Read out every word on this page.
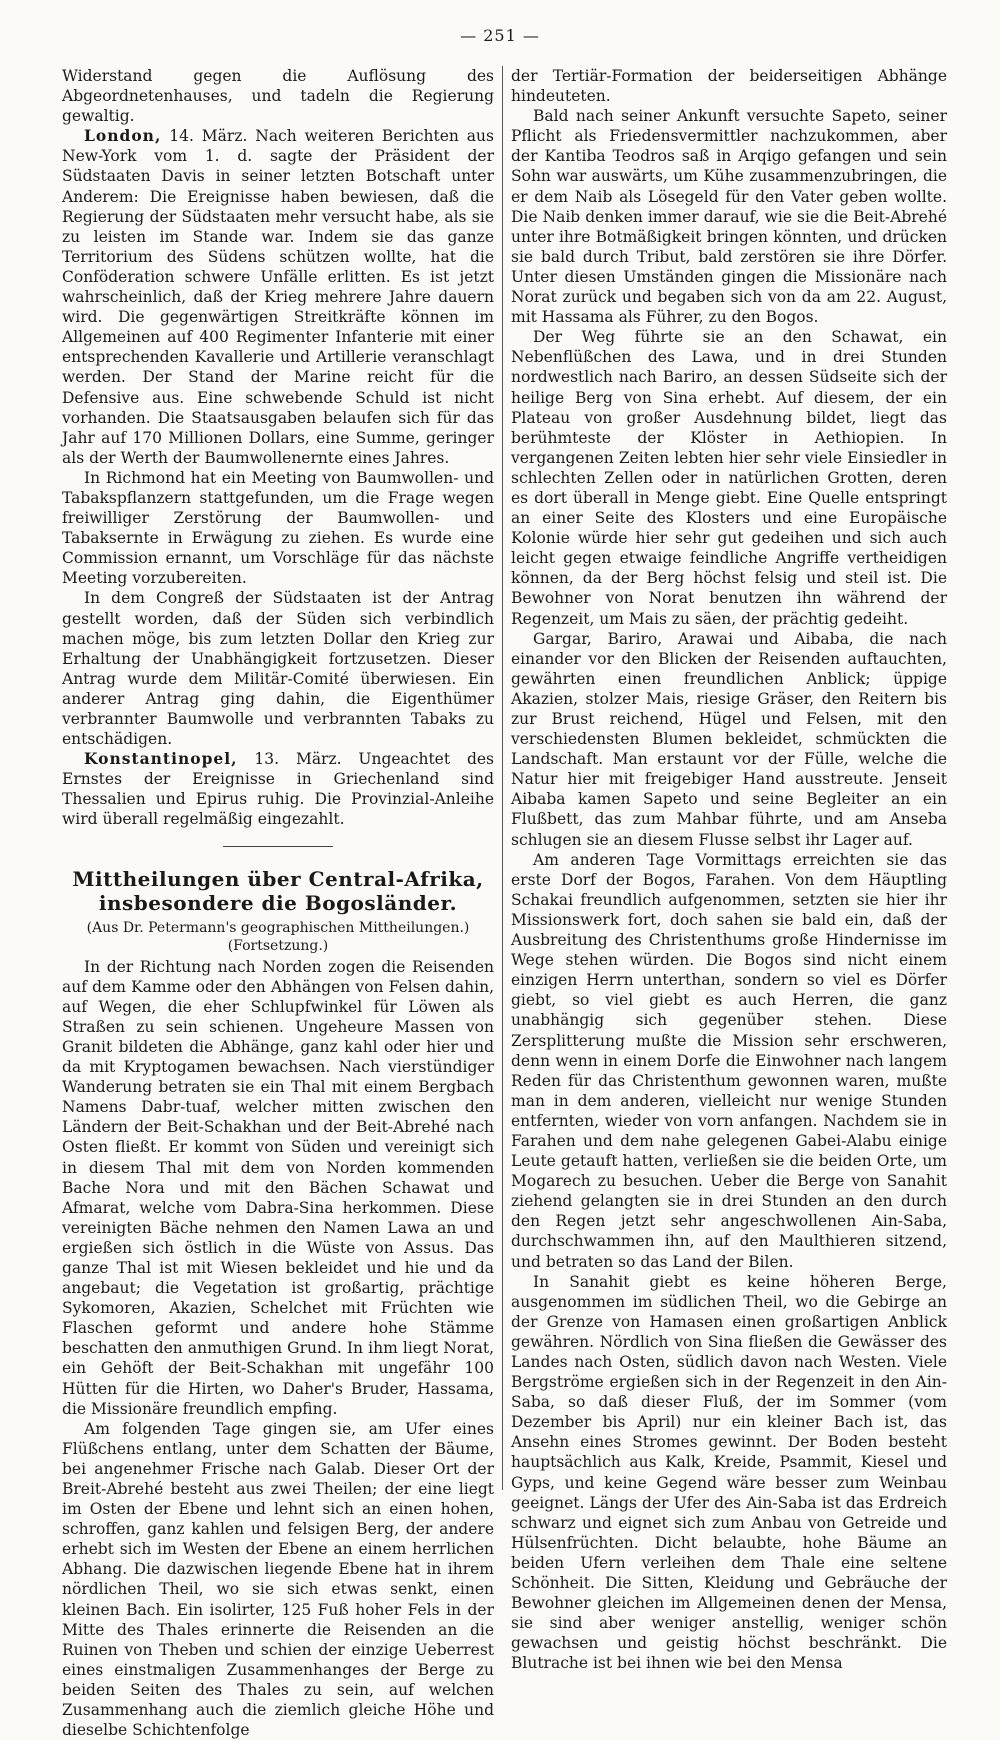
— 251 —

Widerstand gegen die Auflösung des Abgeordnetenhauses, und tadeln die Regierung gewaltig.

London, 14. März. Nach weiteren Berichten aus New-York vom 1. d. sagte der Präsident der Südstaaten Davis in seiner letzten Botschaft unter Anderem: Die Ereignisse haben bewiesen, daß die Regierung der Südstaaten mehr versucht habe, als sie zu leisten im Stande war. Indem sie das ganze Territorium des Südens schützen wollte, hat die Conföderation schwere Unfälle erlitten. Es ist jetzt wahrscheinlich, daß der Krieg mehrere Jahre dauern wird. Die gegenwärtigen Streitkräfte können im Allgemeinen auf 400 Regimenter Infanterie mit einer entsprechenden Kavallerie und Artillerie veranschlagt werden. Der Stand der Marine reicht für die Defensive aus. Eine schwebende Schuld ist nicht vorhanden. Die Staatsausgaben belaufen sich für das Jahr auf 170 Millionen Dollars, eine Summe, geringer als der Werth der Baumwollenernte eines Jahres.

In Richmond hat ein Meeting von Baumwollen- und Tabakspflanzern stattgefunden, um die Frage wegen freiwilliger Zerstörung der Baumwollen- und Tabaksernte in Erwägung zu ziehen. Es wurde eine Commission ernannt, um Vorschläge für das nächste Meeting vorzubereiten.

In dem Congreß der Südstaaten ist der Antrag gestellt worden, daß der Süden sich verbindlich machen möge, bis zum letzten Dollar den Krieg zur Erhaltung der Unabhängigkeit fortzusetzen. Dieser Antrag wurde dem Militär-Comité überwiesen. Ein anderer Antrag ging dahin, die Eigenthümer verbrannter Baumwolle und verbrannten Tabaks zu entschädigen.

Konstantinopel, 13. März. Ungeachtet des Ernstes der Ereignisse in Griechenland sind Thessalien und Epirus ruhig. Die Provinzial-Anleihe wird überall regelmäßig eingezahlt.

Mittheilungen über Central-Afrika, insbesondere die Bogosländer.
(Aus Dr. Petermann's geographischen Mittheilungen.)
(Fortsetzung.)

In der Richtung nach Norden zogen die Reisenden auf dem Kamme oder den Abhängen von Felsen dahin, auf Wegen, die eher Schlupfwinkel für Löwen als Straßen zu sein schienen. Ungeheure Massen von Granit bildeten die Abhänge, ganz kahl oder hier und da mit Kryptogamen bewachsen. Nach vierstündiger Wanderung betraten sie ein Thal mit einem Bergbach Namens Dabr-tuaf, welcher mitten zwischen den Ländern der Beit-Schakhan und der Beit-Abrehé nach Osten fließt. Er kommt von Süden und vereinigt sich in diesem Thal mit dem von Norden kommenden Bache Nora und mit den Bächen Schawat und Afmarat, welche vom Dabra-Sina herkommen. Diese vereinigten Bäche nehmen den Namen Lawa an und ergießen sich östlich in die Wüste von Assus. Das ganze Thal ist mit Wiesen bekleidet und hie und da angebaut; die Vegetation ist großartig, prächtige Sykomoren, Akazien, Schelchet mit Früchten wie Flaschen geformt und andere hohe Stämme beschatten den anmuthigen Grund. In ihm liegt Norat, ein Gehöft der Beit-Schakhan mit ungefähr 100 Hütten für die Hirten, wo Daher's Bruder, Hassama, die Missionäre freundlich empfing.

Am folgenden Tage gingen sie, am Ufer eines Flüßchens entlang, unter dem Schatten der Bäume, bei angenehmer Frische nach Galab. Dieser Ort der Breit-Abrehé besteht aus zwei Theilen; der eine liegt im Osten der Ebene und lehnt sich an einen hohen, schroffen, ganz kahlen und felsigen Berg, der andere erhebt sich im Westen der Ebene an einem herrlichen Abhang. Die dazwischen liegende Ebene hat in ihrem nördlichen Theil, wo sie sich etwas senkt, einen kleinen Bach. Ein isolirter, 125 Fuß hoher Fels in der Mitte des Thales erinnerte die Reisenden an die Ruinen von Theben und schien der einzige Ueberrest eines einstmaligen Zusammenhanges der Berge zu beiden Seiten des Thales zu sein, auf welchen Zusammenhang auch die ziemlich gleiche Höhe und dieselbe Schichtenfolge

der Tertiär-Formation der beiderseitigen Abhänge hindeuteten.

Bald nach seiner Ankunft versuchte Sapeto, seiner Pflicht als Friedensvermittler nachzukommen, aber der Kantiba Teodros saß in Arqigo gefangen und sein Sohn war auswärts, um Kühe zusammenzubringen, die er dem Naib als Lösegeld für den Vater geben wollte. Die Naib denken immer darauf, wie sie die Beit-Abrehé unter ihre Botmäßigkeit bringen könnten, und drücken sie bald durch Tribut, bald zerstören sie ihre Dörfer. Unter diesen Umständen gingen die Missionäre nach Norat zurück und begaben sich von da am 22. August, mit Hassama als Führer, zu den Bogos.

Der Weg führte sie an den Schawat, ein Nebenflüßchen des Lawa, und in drei Stunden nordwestlich nach Bariro, an dessen Südseite sich der heilige Berg von Sina erhebt. Auf diesem, der ein Plateau von großer Ausdehnung bildet, liegt das berühmteste der Klöster in Aethiopien. In vergangenen Zeiten lebten hier sehr viele Einsiedler in schlechten Zellen oder in natürlichen Grotten, deren es dort überall in Menge giebt. Eine Quelle entspringt an einer Seite des Klosters und eine Europäische Kolonie würde hier sehr gut gedeihen und sich auch leicht gegen etwaige feindliche Angriffe vertheidigen können, da der Berg höchst felsig und steil ist. Die Bewohner von Norat benutzen ihn während der Regenzeit, um Mais zu säen, der prächtig gedeiht.

Gargar, Bariro, Arawai und Aibaba, die nach einander vor den Blicken der Reisenden auftauchten, gewährten einen freundlichen Anblick; üppige Akazien, stolzer Mais, riesige Gräser, den Reitern bis zur Brust reichend, Hügel und Felsen, mit den verschiedensten Blumen bekleidet, schmückten die Landschaft. Man erstaunt vor der Fülle, welche die Natur hier mit freigebiger Hand ausstreute. Jenseit Aibaba kamen Sapeto und seine Begleiter an ein Flußbett, das zum Mahbar führte, und am Anseba schlugen sie an diesem Flusse selbst ihr Lager auf.

Am anderen Tage Vormittags erreichten sie das erste Dorf der Bogos, Farahen. Von dem Häuptling Schakai freundlich aufgenommen, setzten sie hier ihr Missionswerk fort, doch sahen sie bald ein, daß der Ausbreitung des Christenthums große Hindernisse im Wege stehen würden. Die Bogos sind nicht einem einzigen Herrn unterthan, sondern so viel es Dörfer giebt, so viel giebt es auch Herren, die ganz unabhängig sich gegenüber stehen. Diese Zersplitterung mußte die Mission sehr erschweren, denn wenn in einem Dorfe die Einwohner nach langem Reden für das Christenthum gewonnen waren, mußte man in dem anderen, vielleicht nur wenige Stunden entfernten, wieder von vorn anfangen. Nachdem sie in Farahen und dem nahe gelegenen Gabei-Alabu einige Leute getauft hatten, verließen sie die beiden Orte, um Mogarech zu besuchen. Ueber die Berge von Sanahit ziehend gelangten sie in drei Stunden an den durch den Regen jetzt sehr angeschwollenen Ain-Saba, durchschwammen ihn, auf den Maulthieren sitzend, und betraten so das Land der Bilen.

In Sanahit giebt es keine höheren Berge, ausgenommen im südlichen Theil, wo die Gebirge an der Grenze von Hamasen einen großartigen Anblick gewähren. Nördlich von Sina fließen die Gewässer des Landes nach Osten, südlich davon nach Westen. Viele Bergströme ergießen sich in der Regenzeit in den Ain-Saba, so daß dieser Fluß, der im Sommer (vom Dezember bis April) nur ein kleiner Bach ist, das Ansehn eines Stromes gewinnt. Der Boden besteht hauptsächlich aus Kalk, Kreide, Psammit, Kiesel und Gyps, und keine Gegend wäre besser zum Weinbau geeignet. Längs der Ufer des Ain-Saba ist das Erdreich schwarz und eignet sich zum Anbau von Getreide und Hülsenfrüchten. Dicht belaubte, hohe Bäume an beiden Ufern verleihen dem Thale eine seltene Schönheit. Die Sitten, Kleidung und Gebräuche der Bewohner gleichen im Allgemeinen denen der Mensa, sie sind aber weniger anstellig, weniger schön gewachsen und geistig höchst beschränkt. Die Blutrache ist bei ihnen wie bei den Mensa
